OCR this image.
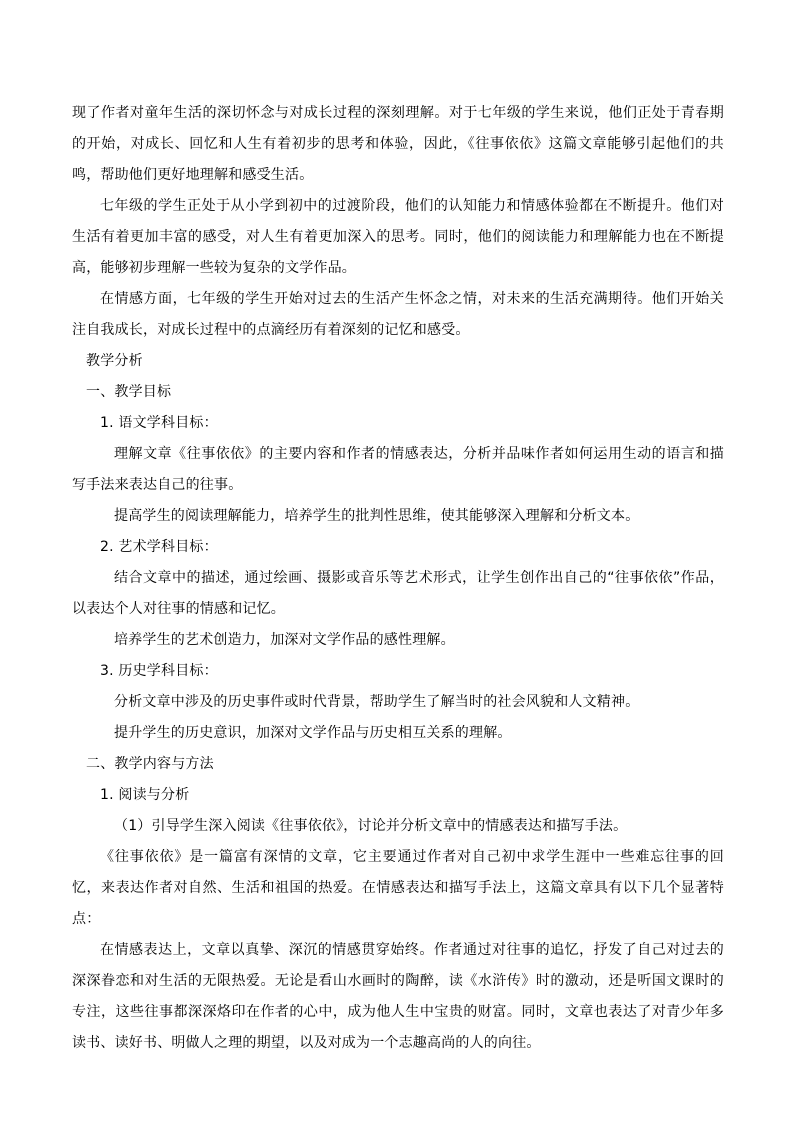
现了作者对童年生活的深切怀念与对成长过程的深刻理解。对于七年级的学生来说，他们正处于青春期的开始，对成长、回忆和人生有着初步的思考和体验，因此，《往事依依》这篇文章能够引起他们的共鸣，帮助他们更好地理解和感受生活。

七年级的学生正处于从小学到初中的过渡阶段，他们的认知能力和情感体验都在不断提升。他们对生活有着更加丰富的感受，对人生有着更加深入的思考。同时，他们的阅读能力和理解能力也在不断提高，能够初步理解一些较为复杂的文学作品。

在情感方面，七年级的学生开始对过去的生活产生怀念之情，对未来的生活充满期待。他们开始关注自我成长，对成长过程中的点滴经历有着深刻的记忆和感受。

教学分析

一、教学目标

1. 语文学科目标：

理解文章《往事依依》的主要内容和作者的情感表达，分析并品味作者如何运用生动的语言和描写手法来表达自己的往事。

提高学生的阅读理解能力，培养学生的批判性思维，使其能够深入理解和分析文本。

2. 艺术学科目标：

结合文章中的描述，通过绘画、摄影或音乐等艺术形式，让学生创作出自己的“往事依依”作品，以表达个人对往事的情感和记忆。

培养学生的艺术创造力，加深对文学作品的感性理解。

3. 历史学科目标：

分析文章中涉及的历史事件或时代背景，帮助学生了解当时的社会风貌和人文精神。

提升学生的历史意识，加深对文学作品与历史相互关系的理解。

二、教学内容与方法

1. 阅读与分析

（1）引导学生深入阅读《往事依依》，讨论并分析文章中的情感表达和描写手法。

《往事依依》是一篇富有深情的文章，它主要通过作者对自己初中求学生涯中一些难忘往事的回忆，来表达作者对自然、生活和祖国的热爱。在情感表达和描写手法上，这篇文章具有以下几个显著特点：

在情感表达上，文章以真挚、深沉的情感贯穿始终。作者通过对往事的追忆，抒发了自己对过去的深深眷恋和对生活的无限热爱。无论是看山水画时的陶醉，读《水浒传》时的激动，还是听国文课时的专注，这些往事都深深烙印在作者的心中，成为他人生中宝贵的财富。同时，文章也表达了对青少年多读书、读好书、明做人之理的期望，以及对成为一个志趣高尚的人的向往。
